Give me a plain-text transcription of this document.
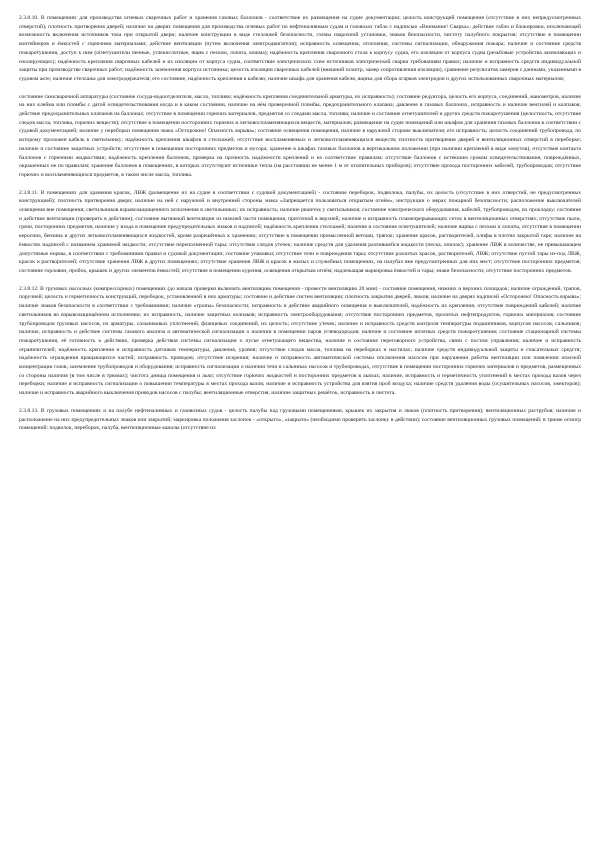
2.3.8.10. В помещениях для производства огневых сварочных работ и хранения газовых баллонов - соответствие их размещения на судне документации; целость конструкций помещения (отсутствие в них непредусмотренных отверстий); плотность притворения дверей; наличие на дверях помещения для производства огневых работ по нефтеналивным судам и газовозах табло с надписью «Внимание! Сварка»; действие табло и блокировки, исключающей возможность включения источников тока при открытой двери; наличие конструкции в виде стеллажей безопасности, схемы сварочной установки, знаков безопасности, чистоту палубного покрытия; отсутствие в помещении контейнеров и ёмкостей с горючими материалами; действие вентиляции (путем включения электродвигателя); исправность освещения, отопления, системы сигнализации, обнаружения пожара; наличие и состояние средств пожаротушения, доступ к ним (огнетушители пенные, углекислотные, ящик с песком, лопата, кошма); надёжность крепления сварочного стола к корпусу судна, его изоляции от корпуса судна (резьбовые устройства заземляющих и изолирующих); надёжность крепления сварочных кабелей и их изоляции от корпуса судна, соответствие электрических схем источников электрической сварки требованиям правил; наличие и исправность средств индивидуальной защиты при производстве сварочных работ; надёжность заземления корпуса источника; целость изоляции сварочных кабелей (внешний осмотр, замер сопротивления изоляции), сравнение результатов замеров с данными, указанными в судовом акте; наличие стеллажа для электродержателя; его состояние, надёжность крепления к кабелю; наличие шкафа для хранения кабеля, ящика для сбора огарков электродов и других использованных сварочных материалов;

состояние газосварочной аппаратуры (состояние сосуда-водоотделителя, масло, топливо; надёжность крепления соединительной арматуры, их исправность); состояние редуктора, целость его корпуса, соединений, манометров, наличие на них клейма или пломбы с датой освидетельствования когда и в каком состоянии, наличие на нём проверочной пломбы, предохранительного клапана; давление в газовых баллонах, исправность и наличие вентилей и колпаков; действие предохранительных клапанов на баллонах; отсутствие в помещении горючих материалов, предметов со следами масла, топлива; наличие и состояние огнетушителей и других средств пожаротушения (целостность, отсутствие следов масла, топлива, горючих веществ); отсутствие в помещении посторонних горючих и легковоспламеняющихся веществ, материалов; размещение на судне помещений или шкафов для хранения газовых баллонов в соответствии с судовой документацией; наличие у переборки помещения знака «Осторожно! Опасность взрыва»; состояние освещения помещения, наличие в наружной стороне выключателя; его исправность; целость соединений трубопровода, по которому проложен кабель к светильнику; надёжность крепления шкафов и стеллажей; отсутствие воспламеняемых и легковоспламеняющихся веществ; плотность притворения дверей и вентиляционных отверстий в переборке; наличие и состояние защитных устройств; отсутствие в помещении посторонних предметов и мусора; хранение в шкафах газовых баллонов в вертикальном положении (при наличии креплений в виде хомутов), отсутствие контакта баллонов с горючими жидкостями; надёжность крепления баллонов, проверка на прочность надёжности креплений и их соответствие правилам; отсутствие баллонов с истекшим сроком освидетельствования, повреждённых, окрашенных не по правилам; хранение баллонов в помещениях, в которых отсутствуют источники тепла (на расстоянии не менее 1 м от отопительных приборов); отсутствие прохода посторонних кабелей, трубопроводов; отсутствие горючих и воспламеняющихся предметов, в таком числе масла, топлива.

2.3.8.11. В помещениях для хранения красок, ЛВЖ (размещение их на судне в соответствии с судовой документацией) - состояние переборок, подволока, палубы, их целость (отсутствие в них отверстий, не предусмотренных конструкцией); плотность притворения двери; наличие на ней с наружной и внутренней стороны знака «Запрещается пользоваться открытым огнём», инструкции о мерах пожарной безопасности; расположение выключателей освещения вне помещения; светильников взрывозащищенного исполнения в светильниках; их исправность; наличие решеток у светильников; состояние электрического оборудования, кабелей, трубопроводов, их прокладку; состояние и действие вентиляции (проверить в действии); состояние вытяжной вентиляции из нижней части помещения, приточной в верхней; наличие и исправность пламепрерывающих сеток в вентиляционных отверстиях; отсутствие пыли, грязи, посторонних предметов; наличие у входа в помещение предупредительных знаков и надписей; надёжность крепления стеллажей; наличие и состояние огнетушителей; наличие ящика с песком и лопаты, отсутствие в помещении керосина, бензина и других легковоспламеняющихся жидкостей, кроме разрешённых к хранению; отсутствие в помещении промасленной ветоши, тряпок; хранение красок, растворителей, олифы в плотно закрытой таре; наличие на ёмкостях надписей с названием хранимой жидкости; отсутствие переполненной тары; отсутствие следов утечек; наличие средств для удаления разлившейся жидкости (песка, опилок); хранение ЛВЖ в количестве, не превышающем допустимые нормы, в соответствии с требованиями правил и судовой документации; состояние упаковки; отсутствие течи и повреждения тары; отсутствие разлитых красок, растворителей, ЛВЖ; отсутствие пустой тары из-под ЛВЖ, красок и растворителей; отсутствие хранения ЛВЖ в других помещениях; отсутствие хранения ЛВЖ и красок в жилых и служебных помещениях, на палубах вне предусмотренных для них мест; отсутствие посторонних предметов; состояние горловин, пробок, крышек и других элементов ёмкостей; отсутствие в помещении курения, освещения открытым огнём; надлежащая маркировка ёмкостей и тары; знаки безопасности; отсутствие посторонних предметов.

2.3.8.12. В грузовых насосных (компрессорных) помещениях (до начала проверки включить вентиляцию помещения - провести вентиляцию 20 мин) - состояние помещения, нижних и верхних площадок; наличие ограждений, трапов, поручней; целость и герметичность конструкций, переборок, установленной в них арматуры; состояние и действие систем вентиляции; плотность закрытия дверей, люков; наличие на дверях надписей «Осторожно! Опасность взрыва»; наличие знаков безопасности в соответствии с требованиями; наличие «тропы» безопасности; исправность и действие аварийного освещения и выключателей, надёжность их крепления, отсутствие повреждений кабелей; наличие светильников во взрывозащищённом исполнении; их исправность, наличие защитных колпаков; исправность электрооборудования; отсутствие посторонних предметов, пролитых нефтепродуктов, горючих материалов; состояние трубопроводов грузовых насосов, их арматуры, сальниковых уплотнений, фланцевых соединений, их целость; отсутствие утечек; наличие и исправность средств контроля температуры подшипников, корпусов насосов, сальников; наличие, исправность и действие системы газового анализа и автоматической сигнализации о наличии в помещении паров углеводородов; наличие и состояние штатных средств пожаротушения; состояние стационарной системы пожаротушения, её готовность к действию, проверка действия системы сигнализации о пуске огнетушащего вещества, наличие и состояние переговорного устройства, связи с постом управления; наличие и исправность ограничителей; надёжность крепления и исправность датчиков температуры, давления, уровня; отсутствие следов масла, топлива на переборках и настилах; наличие средств индивидуальной защиты и спасательных средств; надёжность ограждения вращающихся частей; исправность приводов; отсутствие искрения; наличие и исправность автоматической системы отключения насосов при нарушении работы вентиляции или появлении опасной концентрации газов; заземление трубопроводов и оборудования; исправность сигнализации о наличии течи в сальниках насосов и трубопроводах, отсутствие в помещении посторонних горючих материалов и предметов, размещенных со стороны наличия (в том числе в трюмах); чистота днища помещения и льял; отсутствие горючих жидкостей и посторонних предметов в льялах; наличие, исправность и герметичность уплотнений в местах прохода валов через переборки; наличие и исправность сигнализации о повышении температуры в местах прохода валов; наличие и исправность устройства для взятия проб воздуха; наличие средств удаления воды (осушительных насосов, эжекторов); наличие и исправность аварийного выключения приводов насосов с палубы; вентиляционные отверстия, наличие защитных решёток, исправность и чистота.

2.3.8.13. В грузовых помещениях и на палубе нефтеналивных и газовозных судов - целость палубы над грузовыми помещениями, крышек их закрытия и люков (плотность притворения); вентиляционных раструбов; наличие и расположение на них предупредительных знаков или закрытий; маркировка положения заслонок - «открыто», «закрыто» (необходимо проверить заслонку в действии); состояние вентиляционных грузовых помещений; в трюме осмотр помещений: подволок, переборок, палуба, вентиляционные каналы (отсутствие их
